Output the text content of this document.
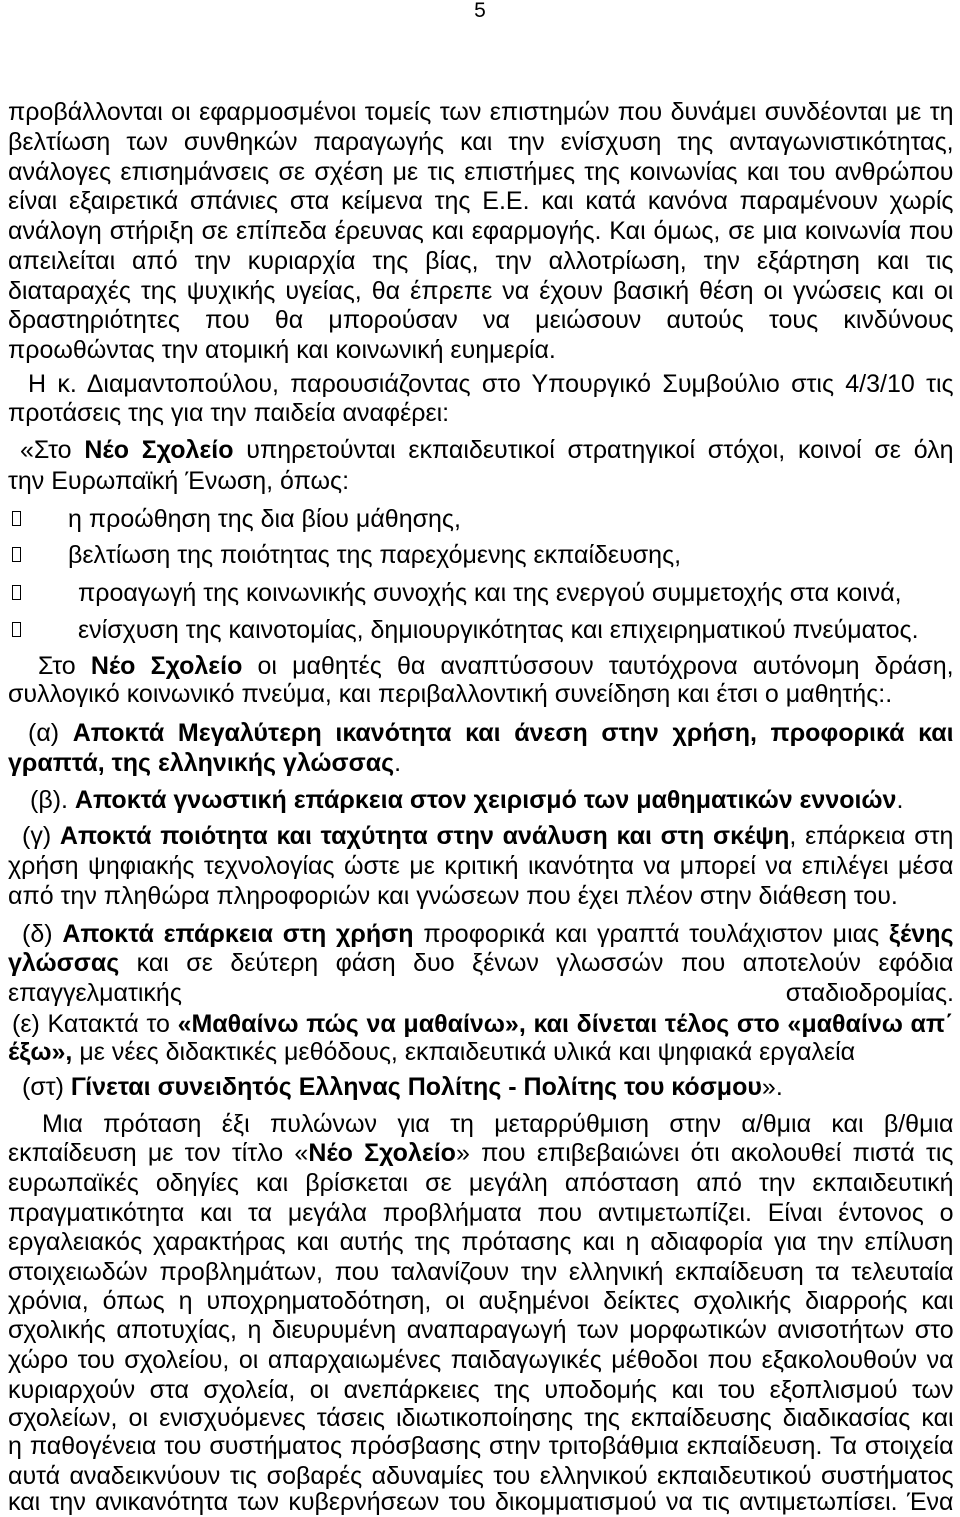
5
προβάλλονται οι εφαρμοσμένοι τομείς των επιστημών που δυνάμει συνδέονται με τη
βελτίωση των συνθηκών παραγωγής και την ενίσχυση της ανταγωνιστικότητας,
ανάλογες επισημάνσεις σε σχέση με τις επιστήμες της κοινωνίας και του ανθρώπου
είναι εξαιρετικά σπάνιες στα κείμενα της Ε.Ε. και κατά κανόνα παραμένουν χωρίς
ανάλογη στήριξη σε επίπεδα έρευνας και εφαρμογής. Και όμως, σε μια κοινωνία που
απειλείται από την κυριαρχία της βίας, την αλλοτρίωση, την εξάρτηση και τις
διαταραχές της ψυχικής υγείας, θα έπρεπε να έχουν βασική θέση οι γνώσεις και οι
δραστηριότητες που θα μπορούσαν να μειώσουν αυτούς τους κινδύνους
προωθώντας την ατομική και κοινωνική ευημερία.
Η κ. Διαμαντοπούλου, παρουσιάζοντας στο Υπουργικό Συμβούλιο στις 4/3/10 τις
προτάσεις της για την παιδεία αναφέρει:
«Στο Νέο Σχολείο υπηρετούνται εκπαιδευτικοί στρατηγικοί στόχοι, κοινοί σε όλη
την Ευρωπαϊκή Ένωση, όπως:
η προώθηση της δια βίου μάθησης,
βελτίωση της ποιότητας της παρεχόμενης εκπαίδευσης,
προαγωγή της κοινωνικής συνοχής και της ενεργού συμμετοχής στα κοινά,
ενίσχυση της καινοτομίας, δημιουργικότητας και επιχειρηματικού πνεύματος.
Στο Νέο Σχολείο οι μαθητές θα αναπτύσσουν ταυτόχρονα αυτόνομη δράση,
συλλογικό κοινωνικό πνεύμα, και περιβαλλοντική συνείδηση και έτσι ο μαθητής:.
(α) Αποκτά Μεγαλύτερη ικανότητα και άνεση στην χρήση, προφορικά και
γραπτά, της ελληνικής γλώσσας.
(β). Αποκτά γνωστική επάρκεια στον χειρισμό των μαθηματικών εννοιών.
(γ) Αποκτά ποιότητα και ταχύτητα στην ανάλυση και στη σκέψη, επάρκεια στη
χρήση ψηφιακής τεχνολογίας ώστε με κριτική ικανότητα να μπορεί να επιλέγει μέσα
από την πληθώρα πληροφοριών και γνώσεων που έχει πλέον στην διάθεση του.
(δ) Αποκτά επάρκεια στη χρήση προφορικά και γραπτά τουλάχιστον μιας ξένης
γλώσσας και σε δεύτερη φάση δυο ξένων γλωσσών που αποτελούν εφόδια
επαγγελματικής σταδιοδρομίας.
(ε) Κατακτά το «Μαθαίνω πώς να μαθαίνω», και δίνεται τέλος στο «μαθαίνω απ΄
έξω», με νέες διδακτικές μεθόδους, εκπαιδευτικά υλικά και ψηφιακά εργαλεία
(στ) Γίνεται συνειδητός Ελληνας Πολίτης - Πολίτης του κόσμου».
Μια πρόταση έξι πυλώνων για τη μεταρρύθμιση στην α/θμια και β/θμια
εκπαίδευση με τον τίτλο «Νέο Σχολείο» που επιβεβαιώνει ότι ακολουθεί πιστά τις
ευρωπαϊκές οδηγίες και βρίσκεται σε μεγάλη απόσταση από την εκπαιδευτική
πραγματικότητα και τα μεγάλα προβλήματα που αντιμετωπίζει. Είναι έντονος ο
εργαλειακός χαρακτήρας και αυτής της πρότασης και η αδιαφορία για την επίλυση
στοιχειωδών προβλημάτων, που ταλανίζουν την ελληνική εκπαίδευση τα τελευταία
χρόνια, όπως η υποχρηματοδότηση, οι αυξημένοι δείκτες σχολικής διαρροής και
σχολικής αποτυχίας, η διευρυμένη αναπαραγωγή των μορφωτικών ανισοτήτων στο
χώρο του σχολείου, οι απαρχαιωμένες παιδαγωγικές μέθοδοι που εξακολουθούν να
κυριαρχούν στα σχολεία, οι ανεπάρκειες της υποδομής και του εξοπλισμού των
σχολείων, οι ενισχυόμενες τάσεις ιδιωτικοποίησης της εκπαίδευσης διαδικασίας και
η παθογένεια του συστήματος πρόσβασης στην τριτοβάθμια εκπαίδευση. Τα στοιχεία
αυτά αναδεικνύουν τις σοβαρές αδυναμίες του ελληνικού εκπαιδευτικού συστήματος
και την ανικανότητα των κυβερνήσεων του δικομματισμού να τις αντιμετωπίσει. Ένα
